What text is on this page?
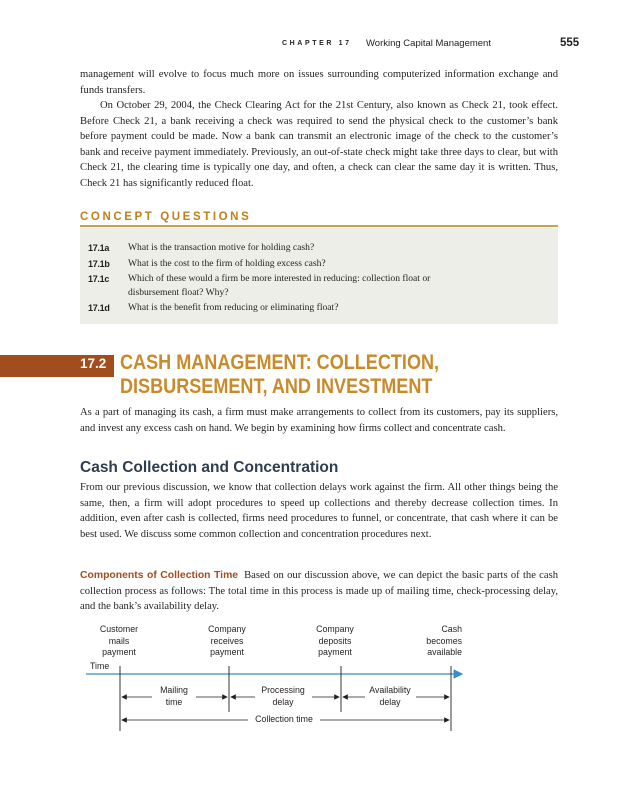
CHAPTER 17 Working Capital Management	555

management will evolve to focus much more on issues surrounding computerized information exchange and funds transfers.

On October 29, 2004, the Check Clearing Act for the 21st Century, also known as Check 21, took effect. Before Check 21, a bank receiving a check was required to send the physical check to the customer’s bank before payment could be made. Now a bank can transmit an electronic image of the check to the customer’s bank and receive payment immediately. Previously, an out-of-state check might take three days to clear, but with Check 21, the clearing time is typically one day, and often, a check can clear the same day it is written. Thus, Check 21 has significantly reduced float.

CONCEPT QUESTIONS
17.1a What is the transaction motive for holding cash?
17.1b What is the cost to the firm of holding excess cash?
17.1c Which of these would a firm be more interested in reducing: collection float or disbursement float? Why?
17.1d What is the benefit from reducing or eliminating float?
17.2 CASH MANAGEMENT: COLLECTION,
DISBURSEMENT, AND INVESTMENT

As a part of managing its cash, a firm must make arrangements to collect from its customers, pay its suppliers, and invest any excess cash on hand. We begin by examining how firms collect and concentrate cash.

Cash Collection and Concentration

From our previous discussion, we know that collection delays work against the firm. All other things being the same, then, a firm will adopt procedures to speed up collections and thereby decrease collection times. In addition, even after cash is collected, firms need procedures to funnel, or concentrate, that cash where it can be best used. We discuss some common collection and concentration procedures next.

Components of Collection Time Based on our discussion above, we can depict the basic parts of the cash collection process as follows: The total time in this process is made up of mailing time, check-processing delay, and the bank’s availability delay.

Customer
mails
payment
Company
receives
payment
Company
deposits
payment
Cash
becomes
available
Time
Mailing
time
Processing
delay
Availability
delay
Collection time
